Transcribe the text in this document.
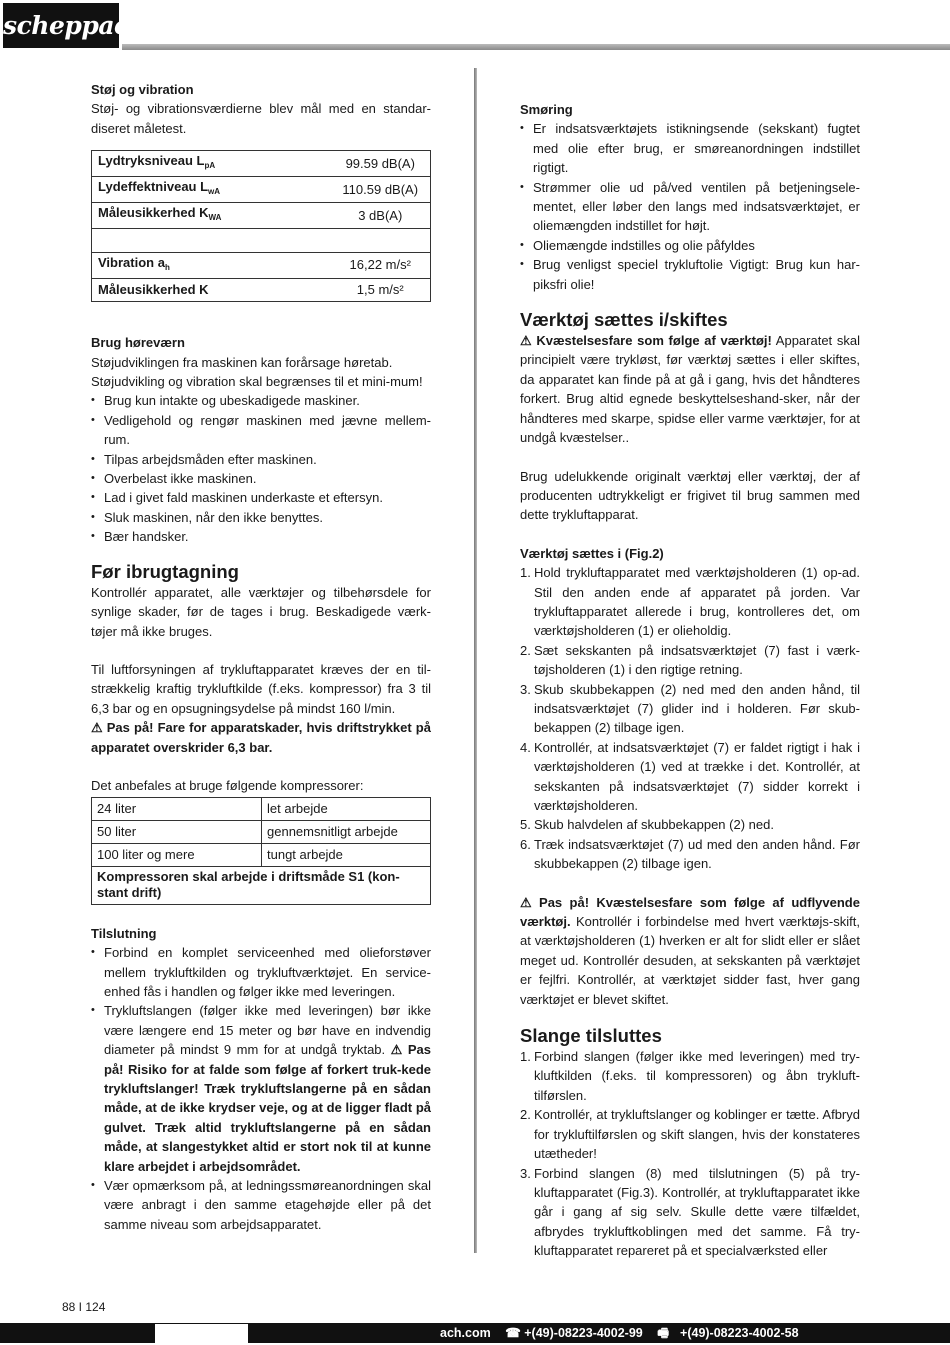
scheppach
Støj og vibration

Støj- og vibrationsværdierne blev mål med en standar-diseret måletest.

Lydtryksniveau $L_{pA}$	99.59 dB(A)
Lydeffektniveau $L_{wA}$	110.59 dB(A)
Måleusikkerhed $K_{WA}$	3 dB(A)

Vibration $a_h$	16,22 m/s²
Måleusikkerhed K	1,5 m/s²
Brug høreværn

Støjudviklingen fra maskinen kan forårsage høretab.

Støjudvikling og vibration skal begrænses til et mini-mum!

• Brug kun intakte og ubeskadigede maskiner.
• Vedligehold og rengør maskinen med jævne mellem-rum.
• Tilpas arbejdsmåden efter maskinen.
• Overbelast ikke maskinen.
• Lad i givet fald maskinen underkaste et eftersyn.
• Sluk maskinen, når den ikke benyttes.
• Bær handsker.
Før ibrugtagning

Kontrollér apparatet, alle værktøjer og tilbehørsdele for synlige skader, før de tages i brug. Beskadigede værk-tøjer må ikke bruges.

Til luftforsyningen af trykluftapparatet kræves der en til-strækkelig kraftig trykluftkilde (f.eks. kompressor) fra 3 til 6,3 bar og en opsugningsydelse på mindst 160 l/min.

⚠ Pas på! Fare for apparatskader, hvis driftstrykket på apparatet overskrider 6,3 bar.

Det anbefales at bruge følgende kompressorer:

24 liter	let arbejde
50 liter	gennemsnitligt arbejde
100 liter og mere	tungt arbejde
Kompressoren skal arbejde i driftsmåde S1 (kon-stant drift)	
Tilslutning
• Forbind en komplet serviceenhed med olieforstøver mellem trykluftkilden og trykluftværktøjet. En service-enhed fås i handlen og følger ikke med leveringen.
• Trykluftslangen (følger ikke med leveringen) bør ikke være længere end 15 meter og bør have en indvendig diameter på mindst 9 mm for at undgå tryktab. ⚠ Pas på! Risiko for at falde som følge af forkert truk-kede trykluftslanger! Træk trykluftslangerne på en sådan måde, at de ikke krydser veje, og at de ligger fladt på gulvet. Træk altid trykluftslangerne på en sådan måde, at slangestykket altid er stort nok til at kunne klare arbejdet i arbejdsområdet.
• Vær opmærksom på, at ledningssmøreanordningen skal være anbragt i den samme etagehøjde eller på det samme niveau som arbejdsapparatet.
Smøring
• Er indsatsværktøjets istikningsende (sekskant) fugtet med olie efter brug, er smøreanordningen indstillet rigtigt.
• Strømmer olie ud på/ved ventilen på betjeningsele-mentet, eller løber den langs med indsatsværktøjet, er oliemængden indstillet for højt.
• Oliemængde indstilles og olie påfyldes
• Brug venligst speciel trykluftolie Vigtigt: Brug kun har-piksfri olie!
Værktøj sættes i/skiftes

⚠ Kvæstelsesfare som følge af værktøj! Apparatet skal principielt være trykløst, før værktøj sættes i eller skiftes, da apparatet kan finde på at gå i gang, hvis det håndteres forkert. Brug altid egnede beskyttelseshand-sker, når der håndteres med skarpe, spidse eller varme værktøjer, for at undgå kvæstelser..

Brug udelukkende originalt værktøj eller værktøj, der af producenten udtrykkeligt er frigivet til brug sammen med dette trykluftapparat.

Værktøj sættes i (Fig.2)
1. Hold trykluftapparatet med værktøjsholderen (1) op-ad. Stil den anden ende af apparatet på jorden. Var trykluftapparatet allerede i brug, kontrolleres det, om værktøjsholderen (1) er olieholdig.
2. Sæt sekskanten på indsatsværktøjet (7) fast i værk-tøjsholderen (1) i den rigtige retning.
3. Skub skubbekappen (2) ned med den anden hånd, til indsatsværktøjet (7) glider ind i holderen. Før skub-bekappen (2) tilbage igen.
4. Kontrollér, at indsatsværktøjet (7) er faldet rigtigt i hak i værktøjsholderen (1) ved at trække i det. Kontrollér, at sekskanten på indsatsværktøjet (7) sidder korrekt i værktøjsholderen.
5. Skub halvdelen af skubbekappen (2) ned.
6. Træk indsatsværktøjet (7) ud med den anden hånd. Før skubbekappen (2) tilbage igen.

⚠ Pas på! Kvæstelsesfare som følge af udflyvende værktøj. Kontrollér i forbindelse med hvert værktøjs-skift, at værktøjsholderen (1) hverken er alt for slidt eller er slået meget ud. Kontrollér desuden, at sekskanten på værktøjet er fejlfri. Kontrollér, at værktøjet sidder fast, hver gang værktøjet er blevet skiftet.

Slange tilsluttes
1. Forbind slangen (følger ikke med leveringen) med try-kluftkilden (f.eks. til kompressoren) og åbn trykluft-tilførslen.
2. Kontrollér, at trykluftslanger og koblinger er tætte. Afbryd for trykluftilførslen og skift slangen, hvis der konstateres utætheder!
3. Forbind slangen (8) med tilslutningen (5) på try-kluftapparatet (Fig.3). Kontrollér, at trykluftapparatet ikke går i gang af sig selv. Skulle dette være tilfældet, afbrydes trykluftkoblingen med det samme. Få try-kluftapparatet repareret på et specialværksted eller
88 I 124
ach.com ☎ +(49)-08223-4002-99 🖷 +(49)-08223-4002-58
